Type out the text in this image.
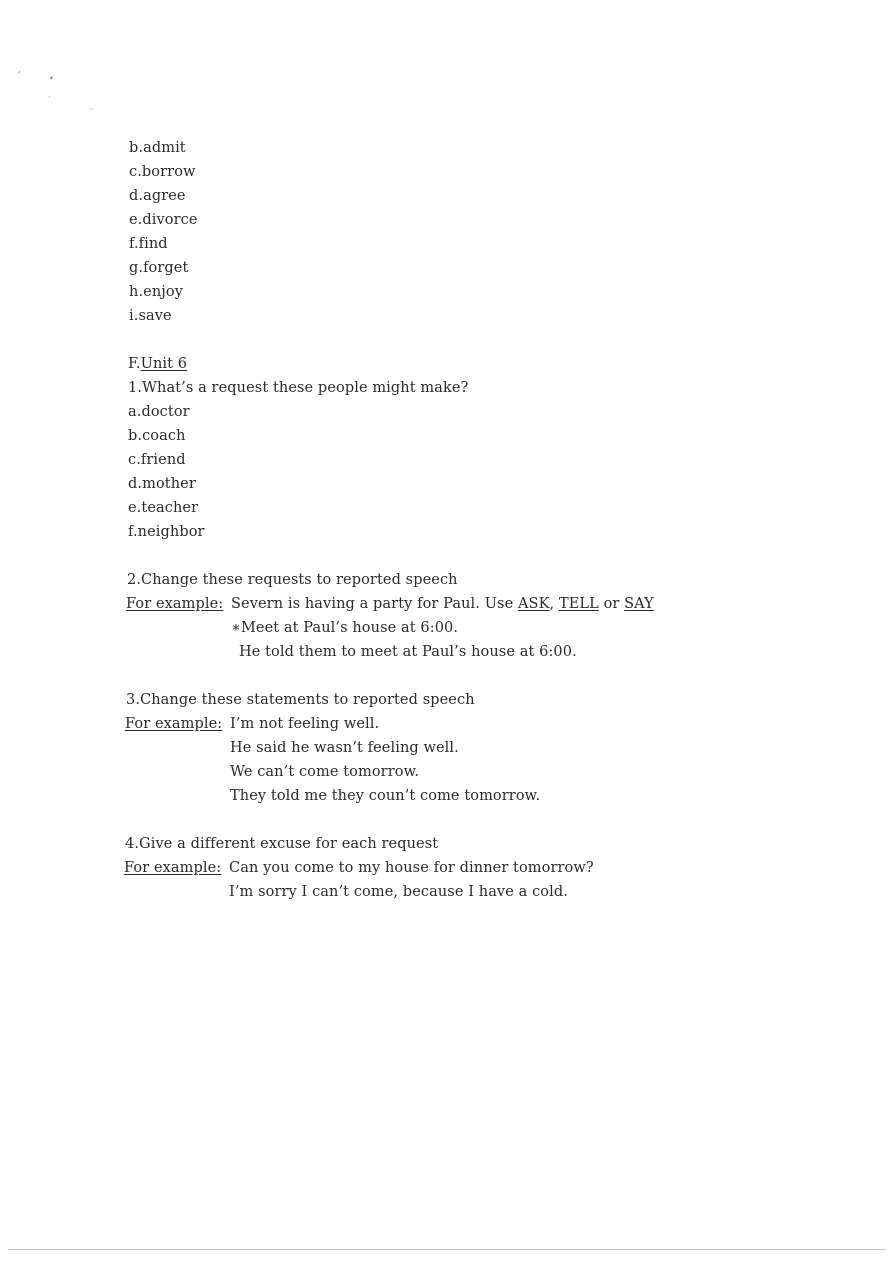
,
•
·
·‧
b.admit
c.borrow
d.agree
e.divorce
f.find
g.forget
h.enjoy
i.save
F.Unit 6
1.What’s a request these people might make?
a.doctor
b.coach
c.friend
d.mother
e.teacher
f.neighbor
2.Change these requests to reported speech
For example: Severn is having a party for Paul. Use ASK, TELL or SAY
∗Meet at Paul’s house at 6:00.
He told them to meet at Paul’s house at 6:00.
3.Change these statements to reported speech
For example: I’m not feeling well.
He said he wasn’t feeling well.
We can’t come tomorrow.
They told me they coun’t come tomorrow.
4.Give a different excuse for each request
For example: Can you come to my house for dinner tomorrow?
I’m sorry I can’t come, because I have a cold.
